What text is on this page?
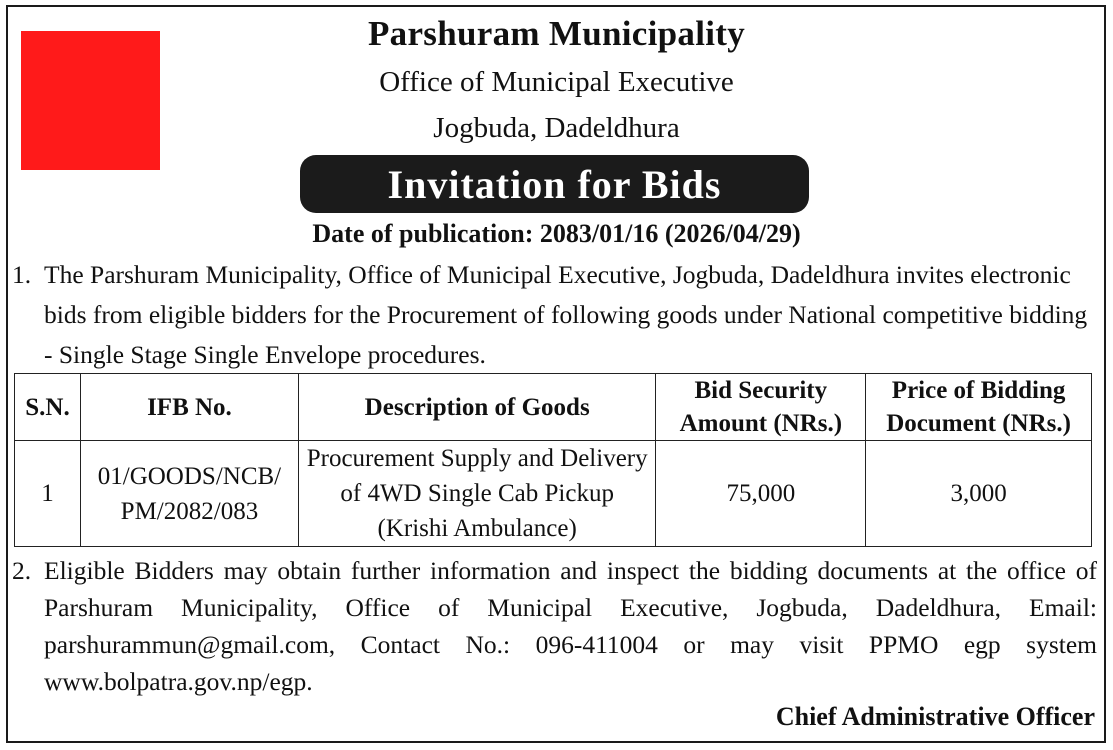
Parshuram Municipality
Office of Municipal Executive
Jogbuda, Dadeldhura
Invitation for Bids
Date of publication: 2083/01/16 (2026/04/29)
1. The Parshuram Municipality, Office of Municipal Executive, Jogbuda, Dadeldhura invites electronic bids from eligible bidders for the Procurement of following goods under National competitive bidding - Single Stage Single Envelope procedures.
S.N.	IFB No.	Description of Goods	Bid Security Amount (NRs.)	Price of Bidding Document (NRs.)
1	01/GOODS/NCB/ PM/2082/083	Procurement Supply and Delivery of 4WD Single Cab Pickup (Krishi Ambulance)	75,000	3,000
2. Eligible Bidders may obtain further information and inspect the bidding documents at the office of Parshuram Municipality, Office of Municipal Executive, Jogbuda, Dadeldhura, Email: parshurammun@gmail.com, Contact No.: 096-411004 or may visit PPMO egp system www.bolpatra.gov.np/egp.
Chief Administrative Officer
